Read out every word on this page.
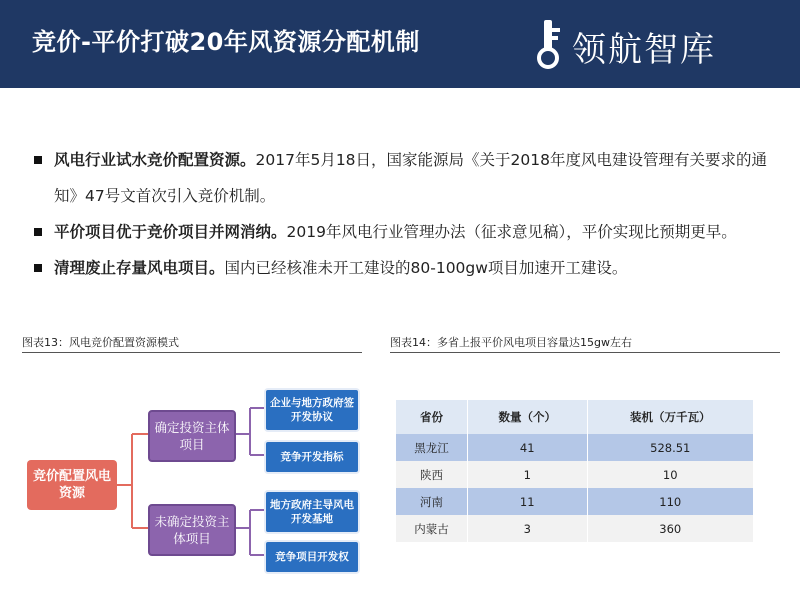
竞价-平价打破20年风资源分配机制	领航智库
风电行业试水竞价配置资源。2017年5月18日，国家能源局《关于2018年度风电建设管理有关要求的通知》47号文首次引入竞价机制。
平价项目优于竞价项目并网消纳。2019年风电行业管理办法（征求意见稿），平价实现比预期更早。
清理废止存量风电项目。国内已经核准未开工建设的80-100gw项目加速开工建设。
图表13：风电竞价配置资源模式	图表14：多省上报平价风电项目容量达15gw左右
竞价配置风电资源
确定投资主体项目
未确定投资主体项目
企业与地方政府签开发协议
竞争开发指标
地方政府主导风电开发基地
竞争项目开发权
省份	数量（个）	装机（万千瓦）
黑龙江	41	528.51
陕西	1	10
河南	11	110
内蒙古	3	360
